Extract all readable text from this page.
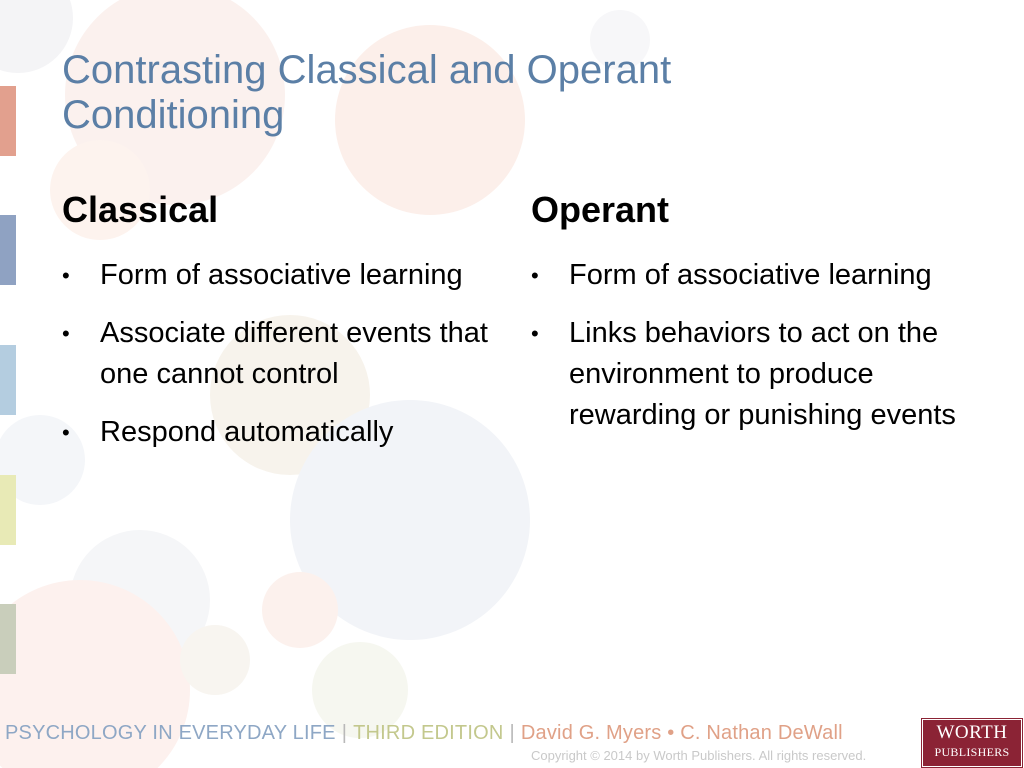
Contrasting Classical and Operant Conditioning
Classical
• Form of associative learning
• Associate different events that one cannot control
• Respond automatically
Operant
• Form of associative learning
• Links behaviors to act on the environment to produce rewarding or punishing events
PSYCHOLOGY IN EVERYDAY LIFE | THIRD EDITION | David G. Myers • C. Nathan DeWall
Copyright © 2014 by Worth Publishers. All rights reserved.
WORTH
PUBLISHERS
